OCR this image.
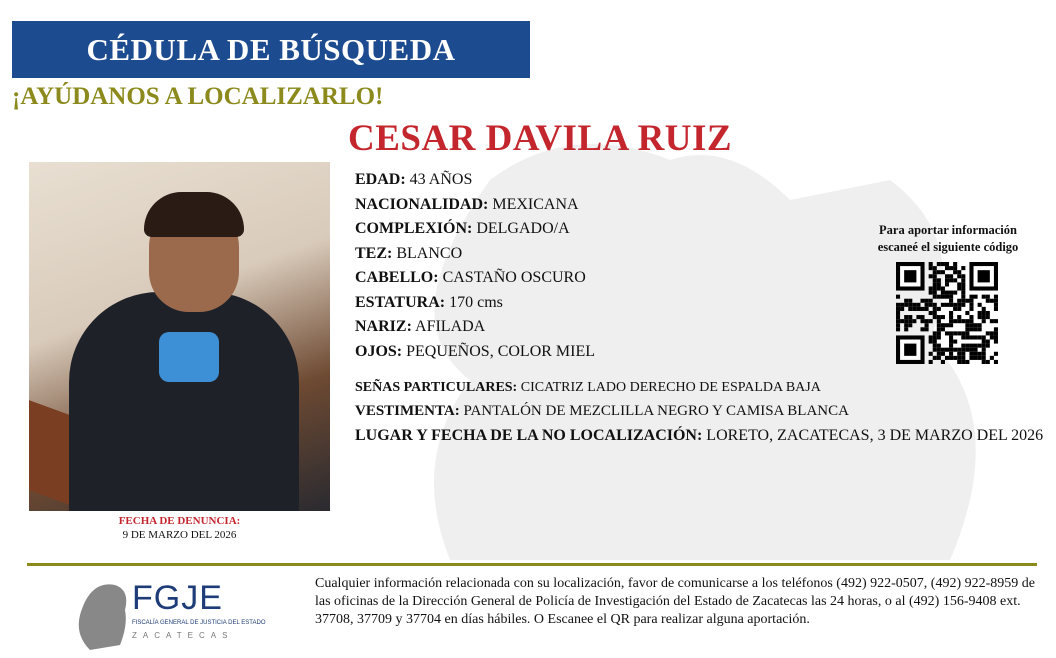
CÉDULA DE BÚSQUEDA
¡AYÚDANOS A LOCALIZARLO!
CESAR DAVILA RUIZ
FECHA DE DENUNCIA:
9 DE MARZO DEL 2026
EDAD: 43 AÑOS
NACIONALIDAD: MEXICANA
COMPLEXIÓN: DELGADO/A
TEZ: BLANCO
CABELLO: CASTAÑO OSCURO
ESTATURA: 170 cms
NARIZ: AFILADA
OJOS: PEQUEÑOS, COLOR MIEL
SEÑAS PARTICULARES: CICATRIZ LADO DERECHO DE ESPALDA BAJA
VESTIMENTA: PANTALÓN DE MEZCLILLA NEGRO Y CAMISA BLANCA
LUGAR Y FECHA DE LA NO LOCALIZACIÓN: LORETO, ZACATECAS, 3 DE MARZO DEL 2026
Para aportar información
escaneé el siguiente código
FGJE
FISCALÍA GENERAL DE JUSTICIA DEL ESTADO
ZACATECAS
Cualquier información relacionada con su localización, favor de comunicarse a los teléfonos (492) 922-0507, (492) 922-8959 de las oficinas de la Dirección General de Policía de Investigación del Estado de Zacatecas las 24 horas, o al (492) 156-9408 ext. 37708, 37709 y 37704 en días hábiles. O Escanee el QR para realizar alguna aportación.
